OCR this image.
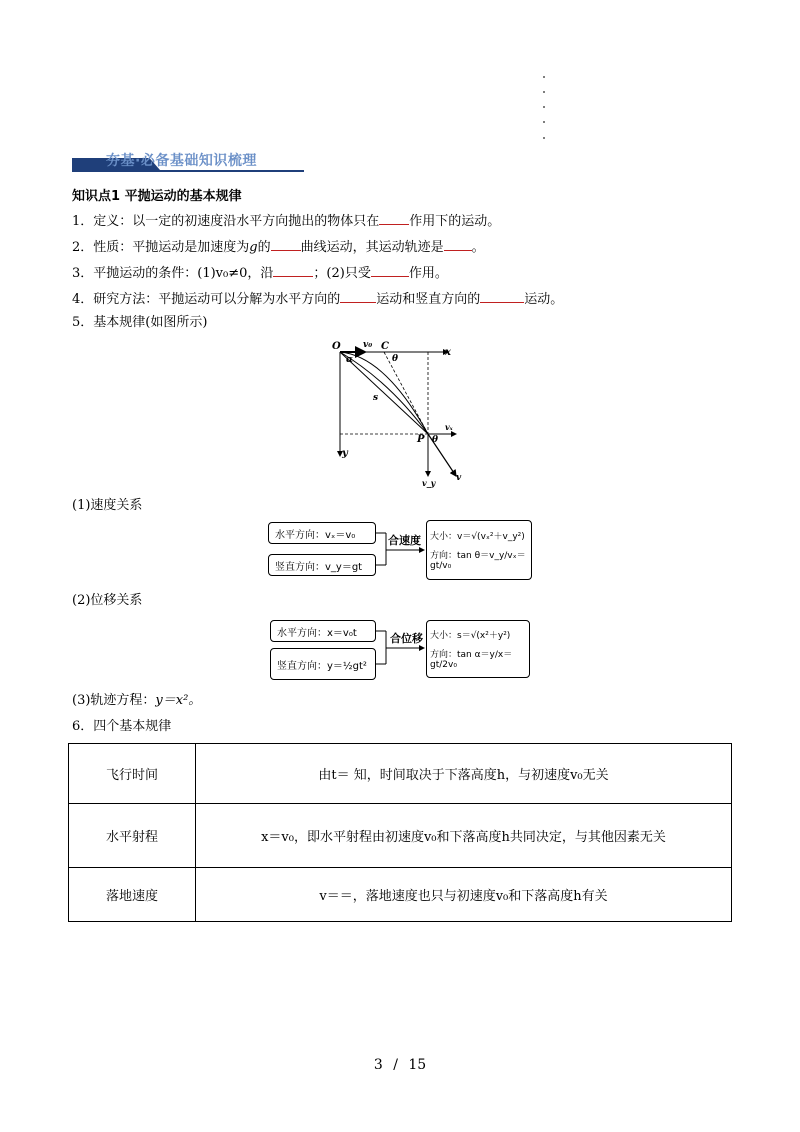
夯基·必备基础知识梳理
知识点1 平抛运动的基本规律
1．定义：以一定的初速度沿水平方向抛出的物体只在 作用下的运动。
2．性质：平抛运动是加速度为g的 曲线运动，其运动轨迹是 。
3．平抛运动的条件：(1)v₀≠0，沿	；(2)只受	作用。
4．研究方法：平抛运动可以分解为水平方向的	运动和竖直方向的	运动。
5．基本规律(如图所示)
O v₀ C
α	θ
x
s
P
vₓ
θ
y
v_y v
(1)速度关系
水平方向：vₓ＝v₀
竖直方向：v_y＝gt
合速度 大小：v＝√(vₓ²＋v_y²)
方向：tan θ＝v_y/vₓ＝gt/v₀
(2)位移关系
水平方向：x＝v₀t
竖直方向：y＝½gt²
合位移 大小：s＝√(x²＋y²)
方向：tan α＝y/x＝gt/2v₀
(3)轨迹方程：y＝x²。
6．四个基本规律
飞行时间	由t＝ 知，时间取决于下落高度h，与初速度v₀无关
水平射程	x＝v₀，即水平射程由初速度v₀和下落高度h共同决定，与其他因素无关
落地速度	v＝＝，落地速度也只与初速度v₀和下落高度h有关
3 / 15
